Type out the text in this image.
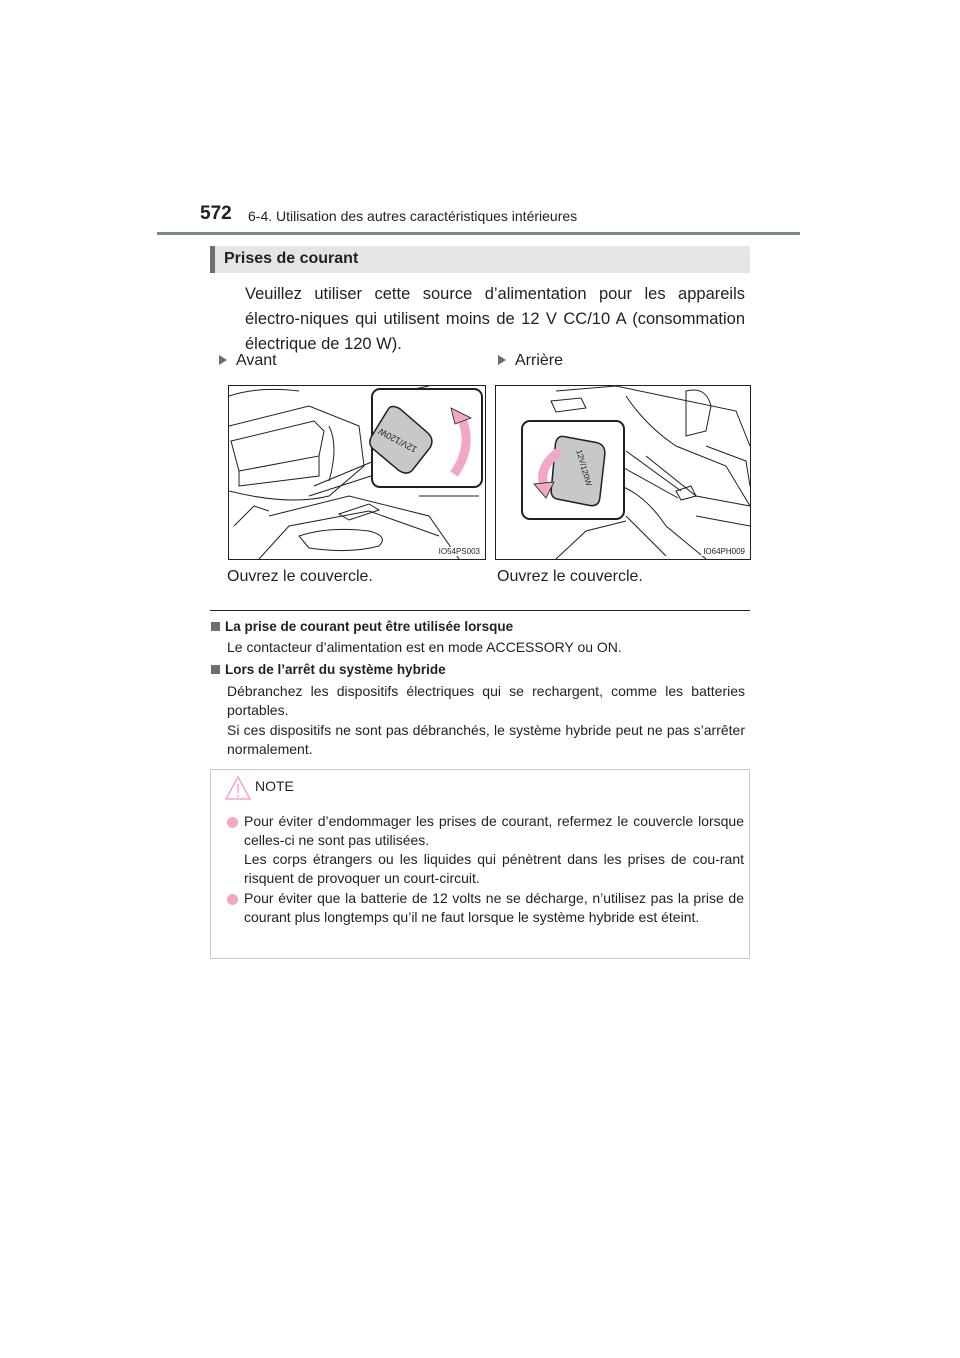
572 6-4. Utilisation des autres caractéristiques intérieures
Prises de courant
Veuillez utiliser cette source d’alimentation pour les appareils électro-niques qui utilisent moins de 12 V CC/10 A (consommation électrique de 120 W).
Avant	Arrière
12V/120W
IO54PS003
12V/120W
IO64PH009
Ouvrez le couvercle.	Ouvrez le couvercle.
La prise de courant peut être utilisée lorsque
Le contacteur d’alimentation est en mode ACCESSORY ou ON.
Lors de l’arrêt du système hybride
Débranchez les dispositifs électriques qui se rechargent, comme les batteries portables.
Si ces dispositifs ne sont pas débranchés, le système hybride peut ne pas s’arrêter normalement.
NOTE
Pour éviter d’endommager les prises de courant, refermez le couvercle lorsque celles-ci ne sont pas utilisées.
Les corps étrangers ou les liquides qui pénètrent dans les prises de cou-rant risquent de provoquer un court-circuit.
Pour éviter que la batterie de 12 volts ne se décharge, n’utilisez pas la prise de courant plus longtemps qu’il ne faut lorsque le système hybride est éteint.
